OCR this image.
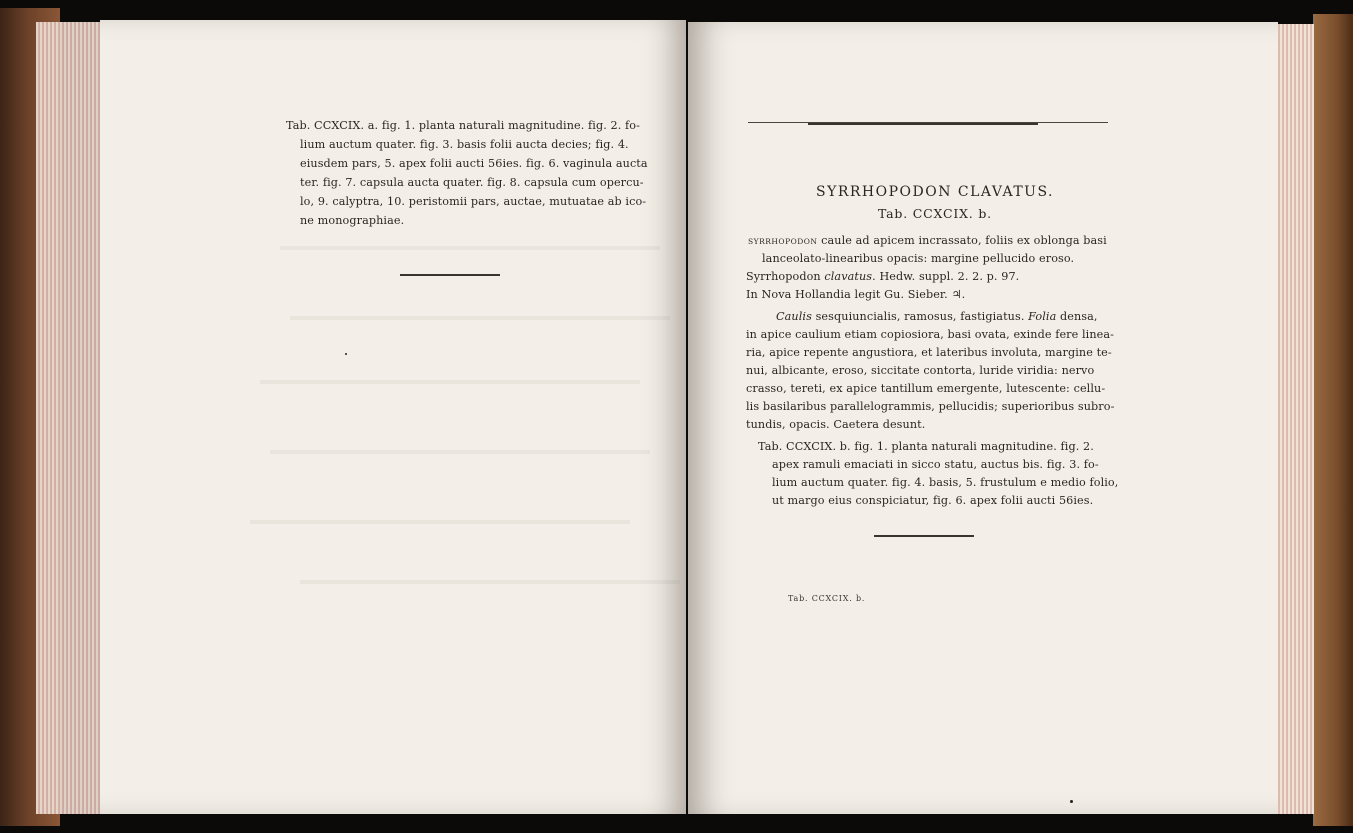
Tab. CCXCIX. a. fig. 1. planta naturali magnitudine. fig. 2. fo-
lium auctum quater. fig. 3. basis folii aucta decies; fig. 4.
eiusdem pars, 5. apex folii aucti 56ies. fig. 6. vaginula aucta
ter. fig. 7. capsula aucta quater. fig. 8. capsula cum opercu-
lo, 9. calyptra, 10. peristomii pars, auctae, mutuatae ab ico-
ne monographiae.
SYRRHOPODON CLAVATUS.
Tab. CCXCIX. b.
SYRRHOPODON caule ad apicem incrassato, foliis ex oblonga basi
lanceolato-linearibus opacis: margine pellucido eroso.
Syrrhopodon clavatus. Hedw. suppl. 2. 2. p. 97.
In Nova Hollandia legit Gu. Sieber. ♃.
Caulis sesquiuncialis, ramosus, fastigiatus. Folia densa,
in apice caulium etiam copiosiora, basi ovata, exinde fere linea-
ria, apice repente angustiora, et lateribus involuta, margine te-
nui, albicante, eroso, siccitate contorta, luride viridia: nervo
crasso, tereti, ex apice tantillum emergente, lutescente: cellu-
lis basilaribus parallelogrammis, pellucidis; superioribus subro-
tundis, opacis. Caetera desunt.
Tab. CCXCIX. b. fig. 1. planta naturali magnitudine. fig. 2.
apex ramuli emaciati in sicco statu, auctus bis. fig. 3. fo-
lium auctum quater. fig. 4. basis, 5. frustulum e medio folio,
ut margo eius conspiciatur, fig. 6. apex folii aucti 56ies.
Tab. CCXCIX. b.
